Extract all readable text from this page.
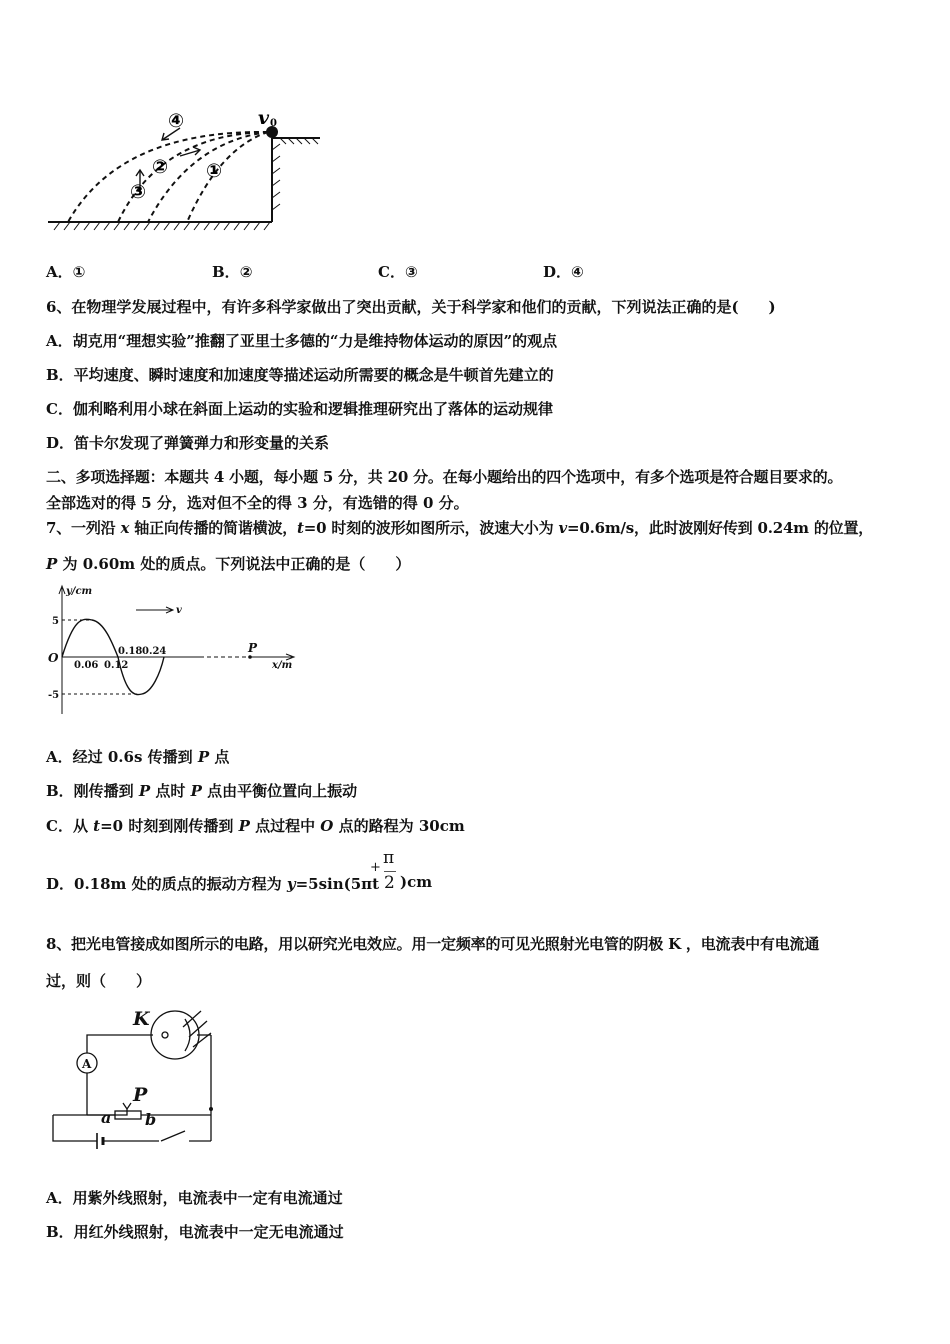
v 0
④
② ①
③
A．①	B．②	C．③	D．④
6、在物理学发展过程中，有许多科学家做出了突出贡献，关于科学家和他们的贡献，下列说法正确的是(　　)
A．胡克用“理想实验”推翻了亚里士多德的“力是维持物体运动的原因”的观点
B．平均速度、瞬时速度和加速度等描述运动所需要的概念是牛顿首先建立的
C．伽利略利用小球在斜面上运动的实验和逻辑推理研究出了落体的运动规律
D．笛卡尔发现了弹簧弹力和形变量的关系
二、多项选择题：本题共 4 小题，每小题 5 分，共 20 分。在每小题给出的四个选项中，有多个选项是符合题目要求的。
全部选对的得 5 分，选对但不全的得 3 分，有选错的得 0 分。
7、一列沿 x 轴正向传播的简谐横波，t=0 时刻的波形如图所示，波速大小为 v=0.6m/s，此时波刚好传到 0.24m 的位置，
P 为 0.60m 处的质点。下列说法中正确的是（　　）
y/cm
x/m
v
P
O
5
-5
0.06 0.12
0.18 0.24
A．经过 0.6s 传播到 P 点
B．刚传播到 P 点时 P 点由平衡位置向上振动
C．从 t=0 时刻到刚传播到 P 点过程中 O 点的路程为 30cm
D．0.18m 处的质点的振动方程为 y=5sin(5πt
+ π
2 )cm
8、把光电管接成如图所示的电路，用以研究光电效应。用一定频率的可见光照射光电管的阴极 K ，电流表中有电流通
过，则（　　）
K
A
P
a b
A．用紫外线照射，电流表中一定有电流通过
B．用红外线照射，电流表中一定无电流通过
